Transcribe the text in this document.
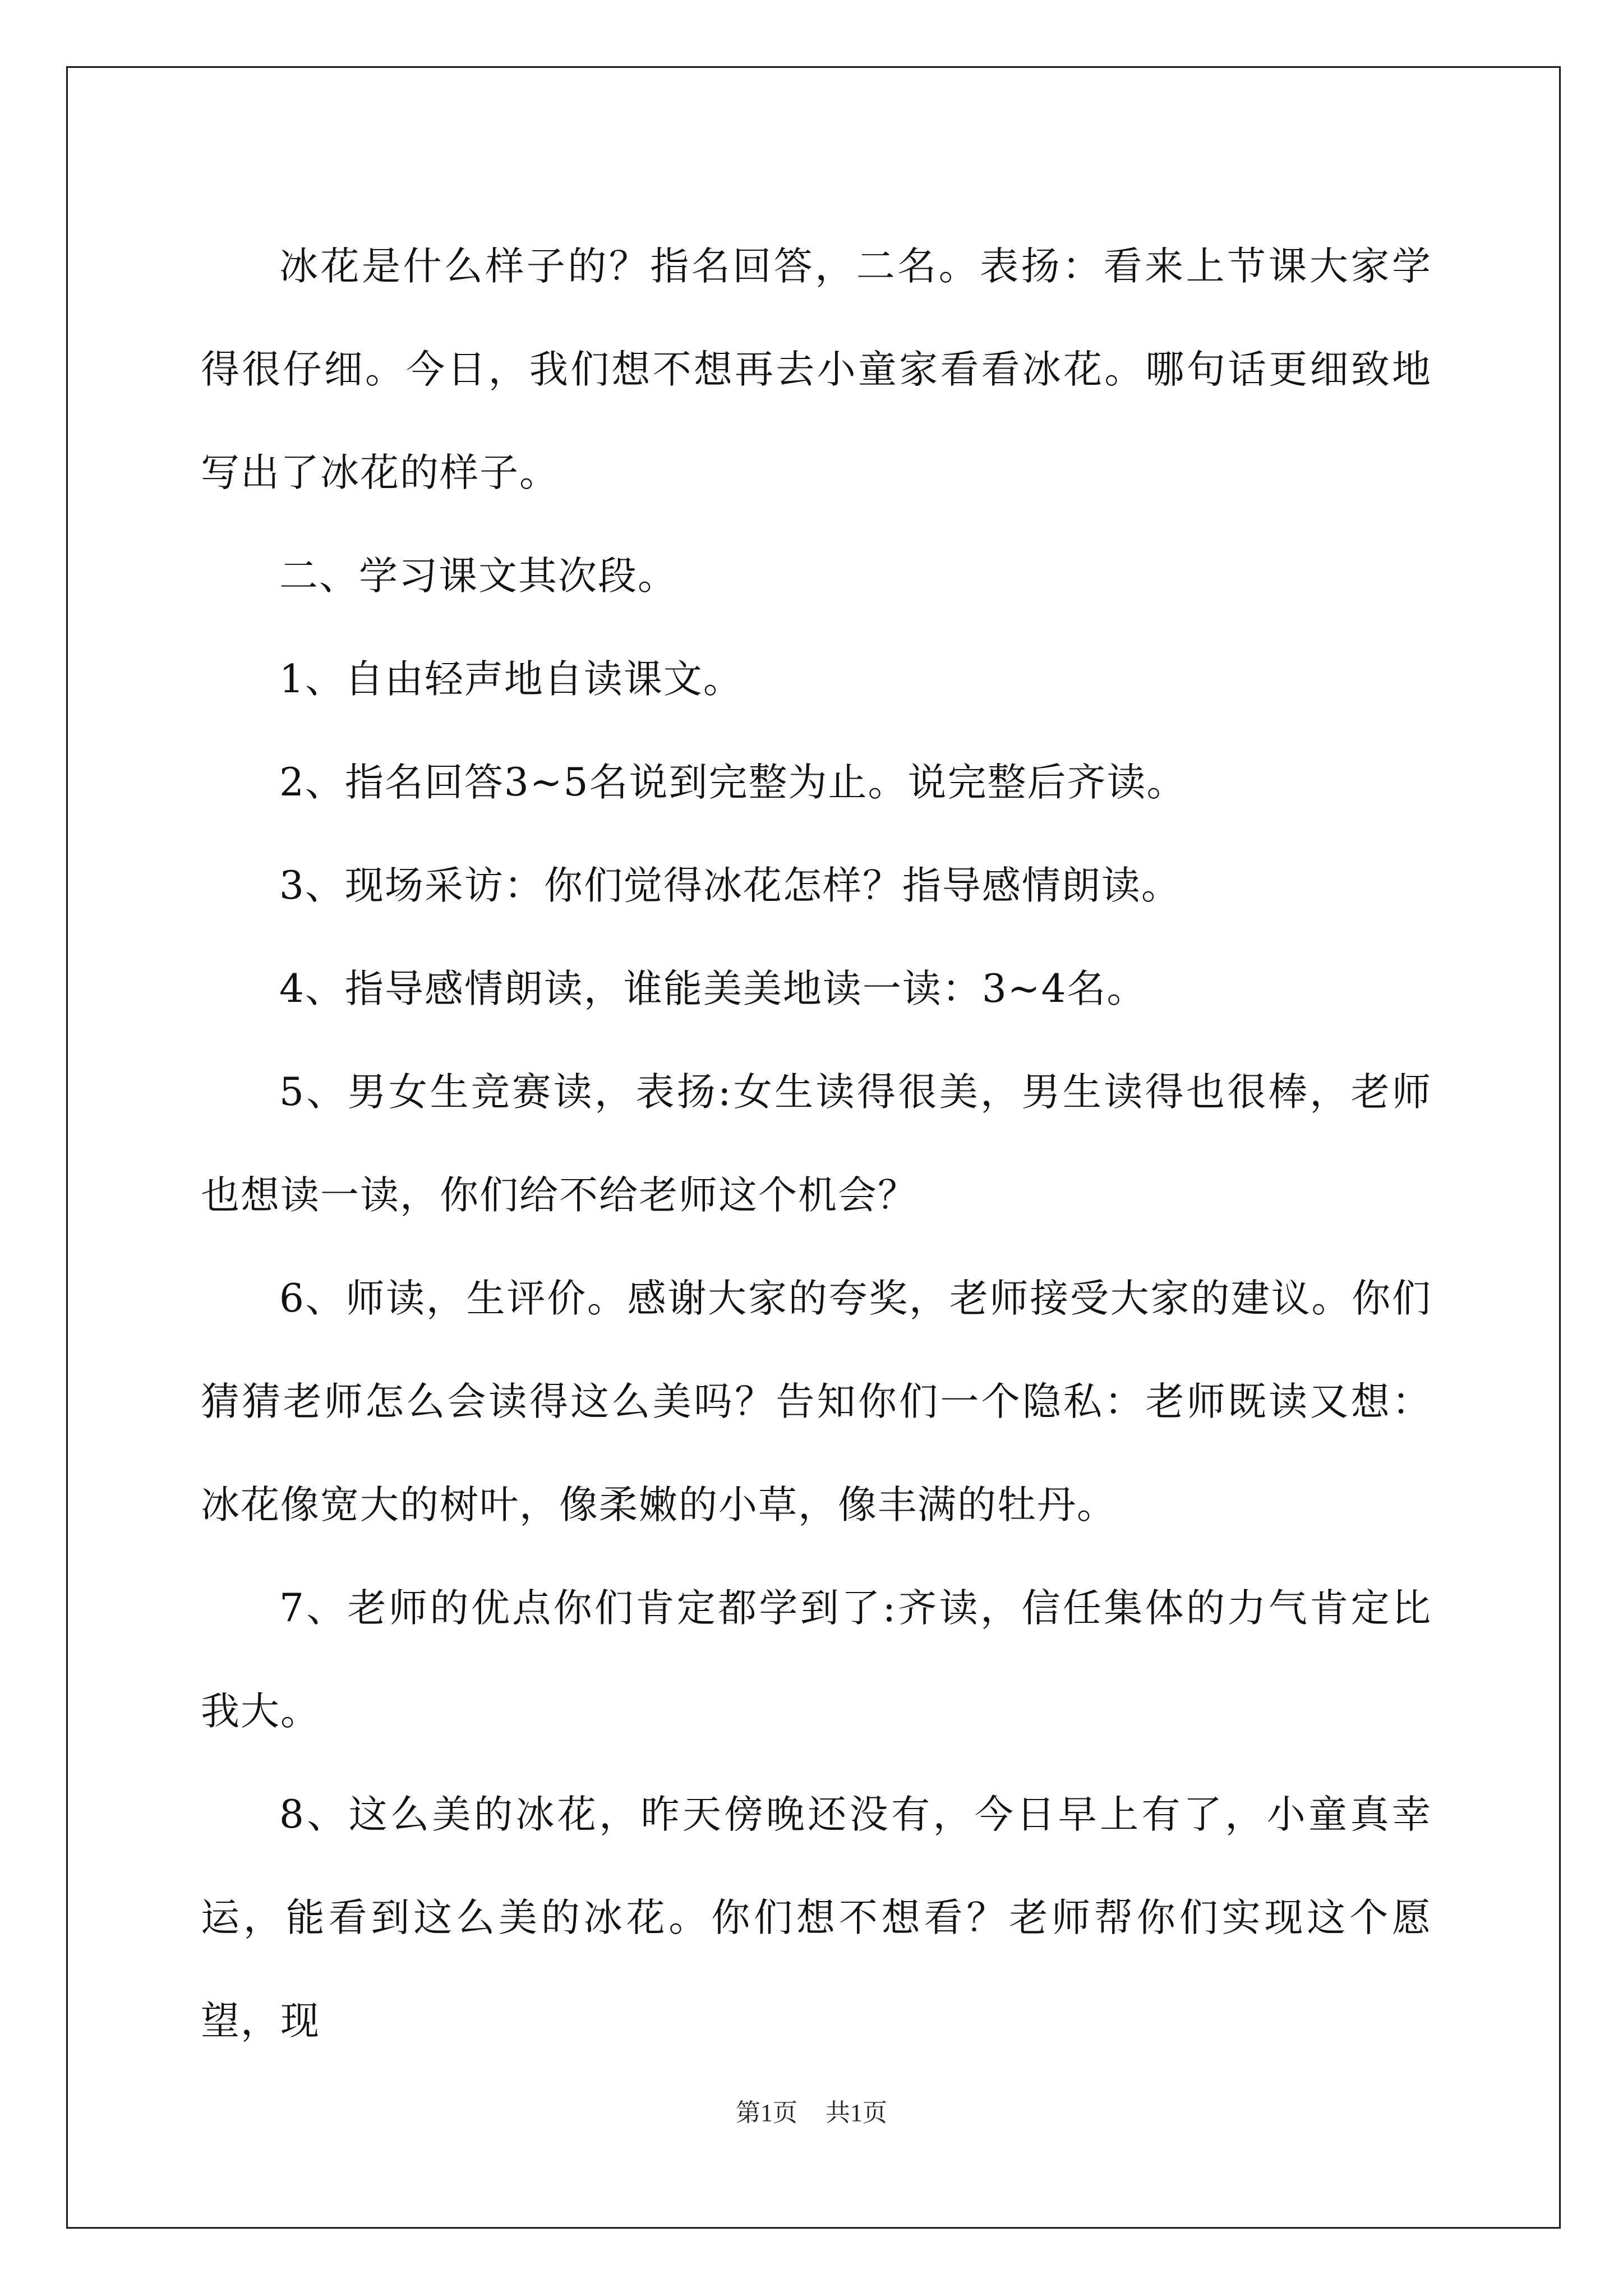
冰花是什么样子的？指名回答，二名。表扬：看来上节课大家学得很仔细。今日，我们想不想再去小童家看看冰花。哪句话更细致地写出了冰花的样子。

二、学习课文其次段。

1、自由轻声地自读课文。

2、指名回答3~5名说到完整为止。说完整后齐读。

3、现场采访：你们觉得冰花怎样？指导感情朗读。

4、指导感情朗读，谁能美美地读一读：3~4名。

5、男女生竞赛读，表扬:女生读得很美，男生读得也很棒，老师也想读一读，你们给不给老师这个机会？

6、师读，生评价。感谢大家的夸奖，老师接受大家的建议。你们猜猜老师怎么会读得这么美吗？告知你们一个隐私：老师既读又想：冰花像宽大的树叶，像柔嫩的小草，像丰满的牡丹。

7、老师的优点你们肯定都学到了:齐读，信任集体的力气肯定比我大。

8、这么美的冰花，昨天傍晚还没有，今日早上有了，小童真幸运，能看到这么美的冰花。你们想不想看？老师帮你们实现这个愿望，现

第1页 共1页
